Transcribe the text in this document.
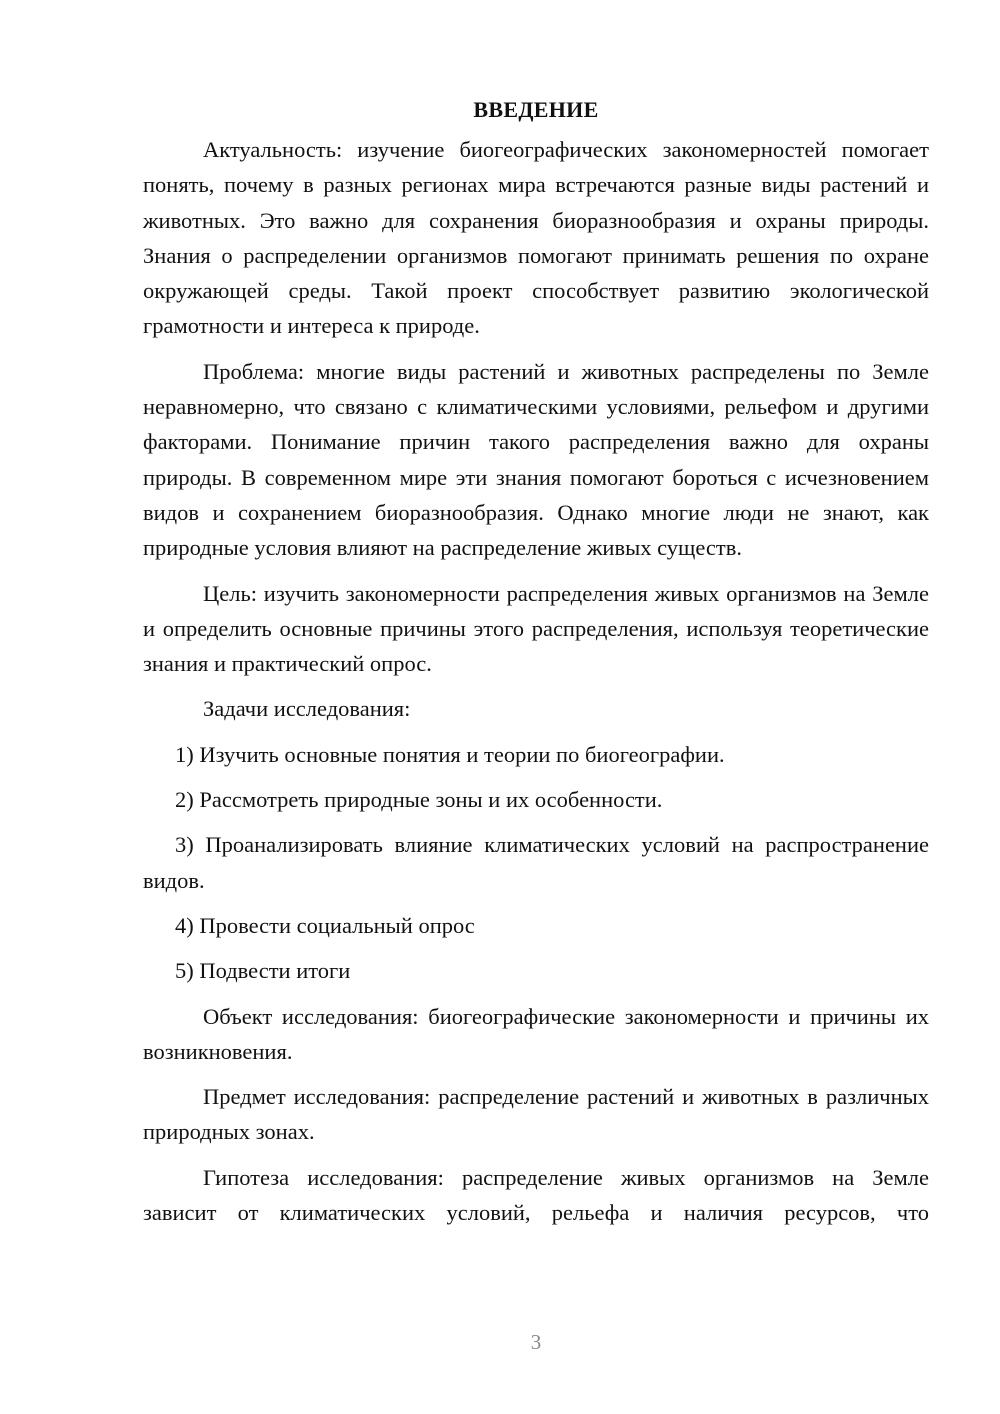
ВВЕДЕНИЕ

Актуальность: изучение биогеографических закономерностей помогает понять, почему в разных регионах мира встречаются разные виды растений и животных. Это важно для сохранения биоразнообразия и охраны природы. Знания о распределении организмов помогают принимать решения по охране окружающей среды. Такой проект способствует развитию экологической грамотности и интереса к природе.

Проблема: многие виды растений и животных распределены по Земле неравномерно, что связано с климатическими условиями, рельефом и другими факторами. Понимание причин такого распределения важно для охраны природы. В современном мире эти знания помогают бороться с исчезновением видов и сохранением биоразнообразия. Однако многие люди не знают, как природные условия влияют на распределение живых существ.

Цель: изучить закономерности распределения живых организмов на Земле и определить основные причины этого распределения, используя теоретические знания и практический опрос.

Задачи исследования:

1) Изучить основные понятия и теории по биогеографии.

2) Рассмотреть природные зоны и их особенности.

3) Проанализировать влияние климатических условий на распространение видов.

4) Провести социальный опрос

5) Подвести итоги

Объект исследования: биогеографические закономерности и причины их возникновения.

Предмет исследования: распределение растений и животных в различных природных зонах.

Гипотеза исследования: распределение живых организмов на Земле зависит от климатических условий, рельефа и наличия ресурсов, что

3
